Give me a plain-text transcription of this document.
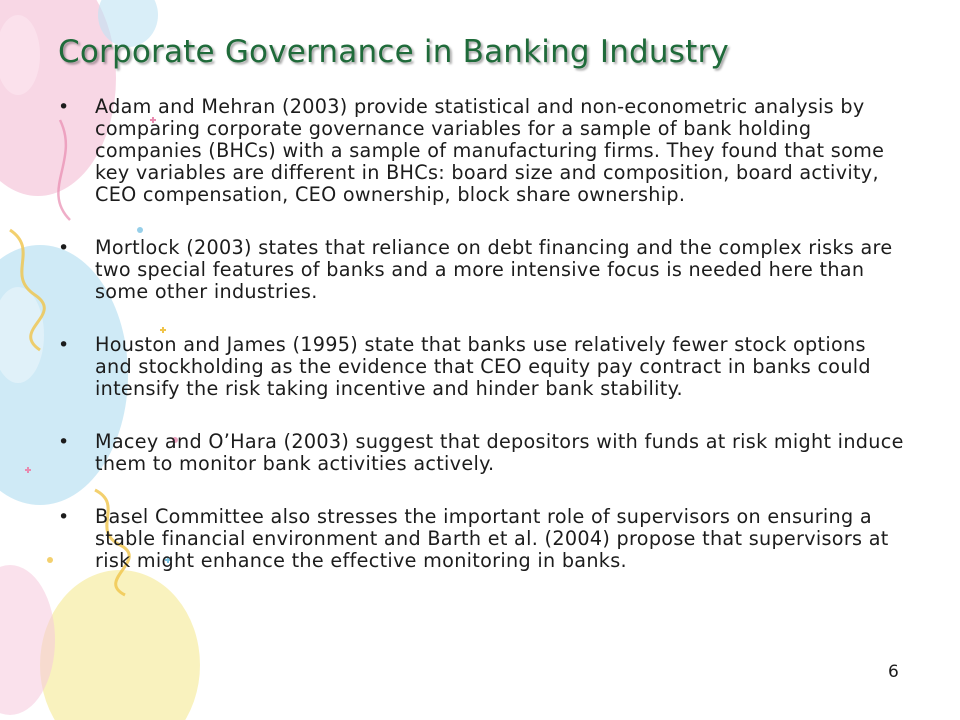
Corporate Governance in Banking Industry
• Adam and Mehran (2003) provide statistical and non-econometric analysis by comparing corporate governance variables for a sample of bank holding companies (BHCs) with a sample of manufacturing firms. They found that some key variables are different in BHCs: board size and composition, board activity, CEO compensation, CEO ownership, block share ownership.
• Mortlock (2003) states that reliance on debt financing and the complex risks are two special features of banks and a more intensive focus is needed here than some other industries.
• Houston and James (1995) state that banks use relatively fewer stock options and stockholding as the evidence that CEO equity pay contract in banks could intensify the risk taking incentive and hinder bank stability.
• Macey and O’Hara (2003) suggest that depositors with funds at risk might induce them to monitor bank activities actively.
• Basel Committee also stresses the important role of supervisors on ensuring a stable financial environment and Barth et al. (2004) propose that supervisors at risk might enhance the effective monitoring in banks.
6
